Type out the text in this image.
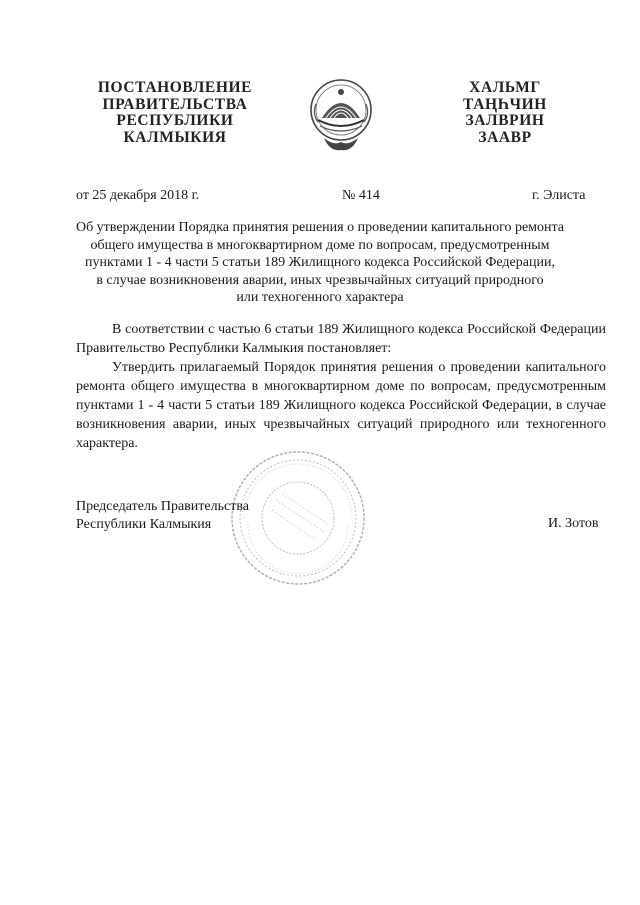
ПОСТАНОВЛЕНИЕ
ПРАВИТЕЛЬСТВА
РЕСПУБЛИКИ
КАЛМЫКИЯ
ХАЛЬМГ
ТАҢҺЧИН
ЗАЛВРИН
ЗААВР
от 25 декабря 2018 г.	№ 414	г. Элиста
Об утверждении Порядка принятия решения о проведении капитального ремонта
общего имущества в многоквартирном доме по вопросам, предусмотренным
пунктами 1 - 4 части 5 статьи 189 Жилищного кодекса Российской Федерации,
в случае возникновения аварии, иных чрезвычайных ситуаций природного
или техногенного характера

В соответствии с частью 6 статьи 189 Жилищного кодекса Российской Федерации Правительство Республики Калмыкия постановляет:

Утвердить прилагаемый Порядок принятия решения о проведении капитального ремонта общего имущества в многоквартирном доме по вопросам, предусмотренным пунктами 1 - 4 части 5 статьи 189 Жилищного кодекса Российской Федерации, в случае возникновения аварии, иных чрезвычайных ситуаций природного или техногенного характера.

Председатель Правительства
Республики Калмыкия	И. Зотов
